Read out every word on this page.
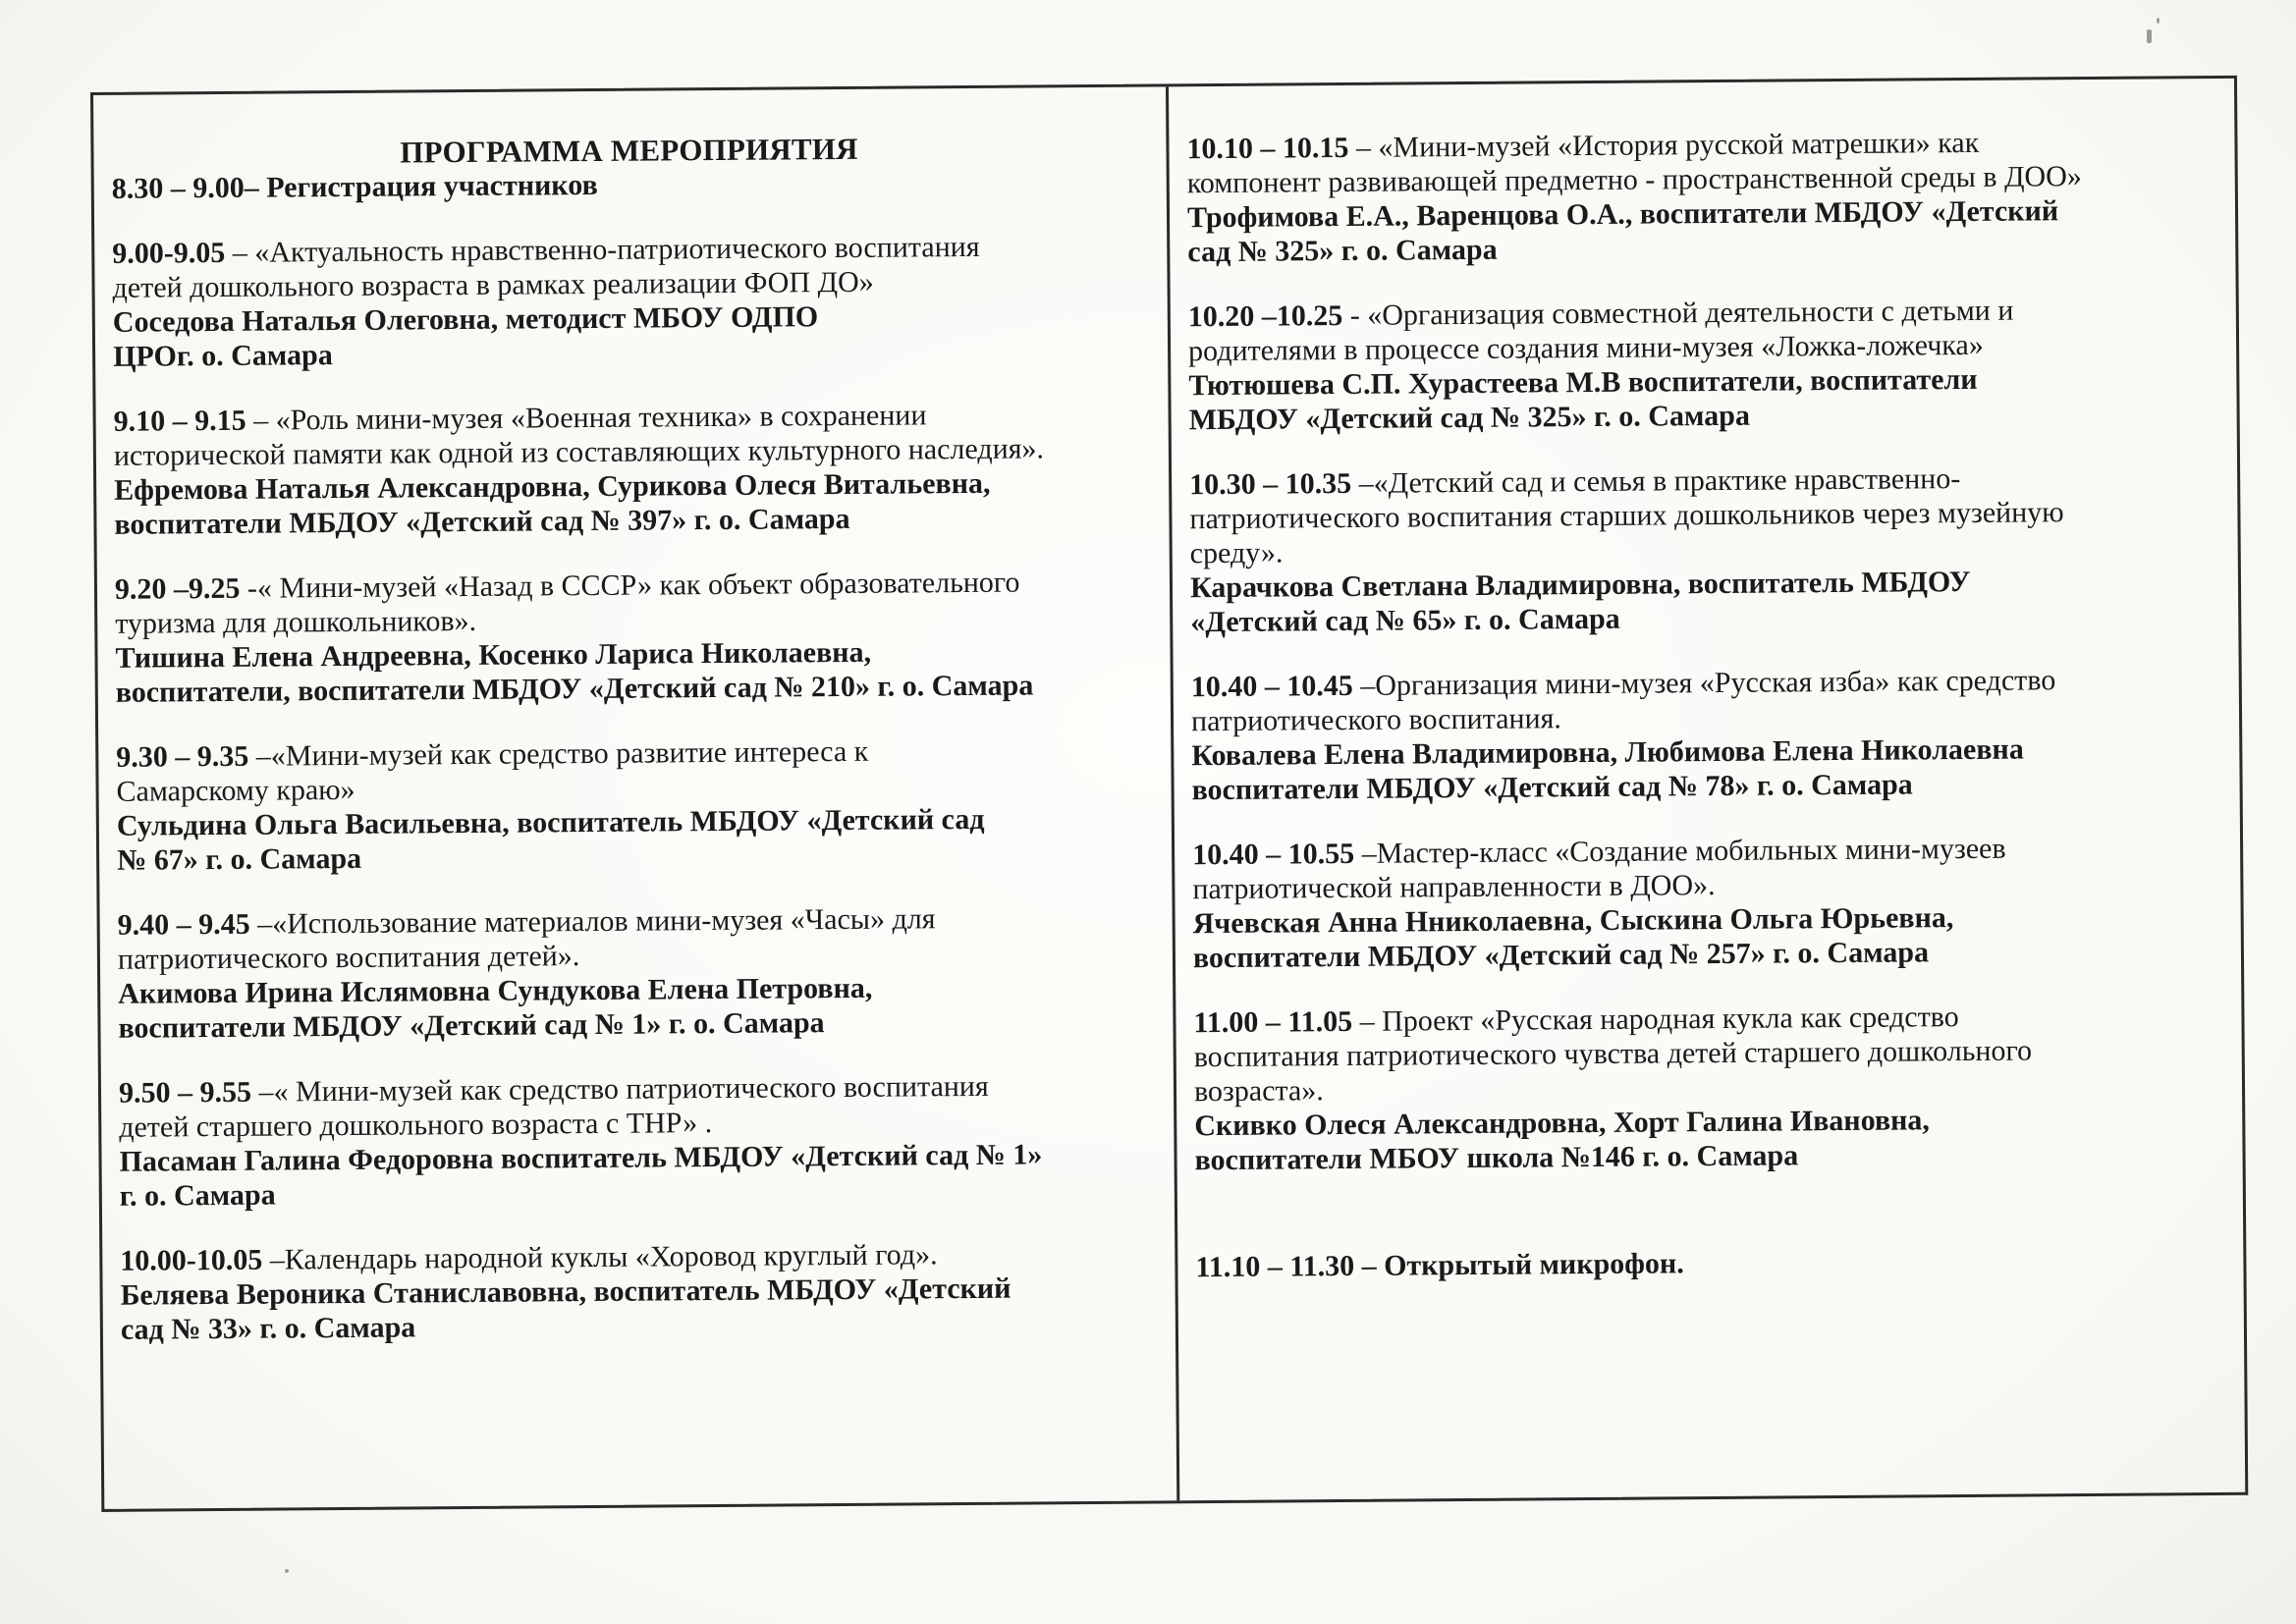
ПРОГРАММА МЕРОПРИЯТИЯ
8.30 – 9.00– Регистрация участников
9.00-9.05 – «Актуальность нравственно-патриотического воспитания
детей дошкольного возраста в рамках реализации ФОП ДО»
Соседова Наталья Олеговна, методист МБОУ ОДПО
ЦРОг. о. Самара
9.10 – 9.15 – «Роль мини-музея «Военная техника» в сохранении
исторической памяти как одной из составляющих культурного наследия».
Ефремова Наталья Александровна, Сурикова Олеся Витальевна,
воспитатели МБДОУ «Детский сад № 397» г. о. Самара
9.20 –9.25 -« Мини-музей «Назад в СССР» как объект образовательного
туризма для дошкольников».
Тишина Елена Андреевна, Косенко Лариса Николаевна,
воспитатели, воспитатели МБДОУ «Детский сад № 210» г. о. Самара
9.30 – 9.35 –«Мини-музей как средство развитие интереса к
Самарскому краю»
Сульдина Ольга Васильевна, воспитатель МБДОУ «Детский сад
№ 67» г. о. Самара
9.40 – 9.45 –«Использование материалов мини-музея «Часы» для
патриотического воспитания детей».
Акимова Ирина Ислямовна Сундукова Елена Петровна,
воспитатели МБДОУ «Детский сад № 1» г. о. Самара
9.50 – 9.55 –« Мини-музей как средство патриотического воспитания
детей старшего дошкольного возраста с ТНР» .
Пасаман Галина Федоровна воспитатель МБДОУ «Детский сад № 1»
г. о. Самара
10.00-10.05 –Календарь народной куклы «Хоровод круглый год».
Беляева Вероника Станиславовна, воспитатель МБДОУ «Детский
сад № 33» г. о. Самара
10.10 – 10.15 – «Мини-музей «История русской матрешки» как
компонент развивающей предметно - пространственной среды в ДОО»
Трофимова Е.А., Варенцова О.А., воспитатели МБДОУ «Детский
сад № 325» г. о. Самара
10.20 –10.25 - «Организация совместной деятельности с детьми и
родителями в процессе создания мини-музея «Ложка-ложечка»
Тютюшева С.П. Хурастеева М.В воспитатели, воспитатели
МБДОУ «Детский сад № 325» г. о. Самара
10.30 – 10.35 –«Детский сад и семья в практике нравственно-
патриотического воспитания старших дошкольников через музейную
среду».
Карачкова Светлана Владимировна, воспитатель МБДОУ
«Детский сад № 65» г. о. Самара
10.40 – 10.45 –Организация мини-музея «Русская изба» как средство
патриотического воспитания.
Ковалева Елена Владимировна, Любимова Елена Николаевна
воспитатели МБДОУ «Детский сад № 78» г. о. Самара
10.40 – 10.55 –Мастер-класс «Создание мобильных мини-музеев
патриотической направленности в ДОО».
Ячевская Анна Нниколаевна, Сыскина Ольга Юрьевна,
воспитатели МБДОУ «Детский сад № 257» г. о. Самара
11.00 – 11.05 – Проект «Русская народная кукла как средство
воспитания патриотического чувства детей старшего дошкольного
возраста».
Скивко Олеся Александровна, Хорт Галина Ивановна,
воспитатели МБОУ школа №146 г. о. Самара
11.10 – 11.30 – Открытый микрофон.
